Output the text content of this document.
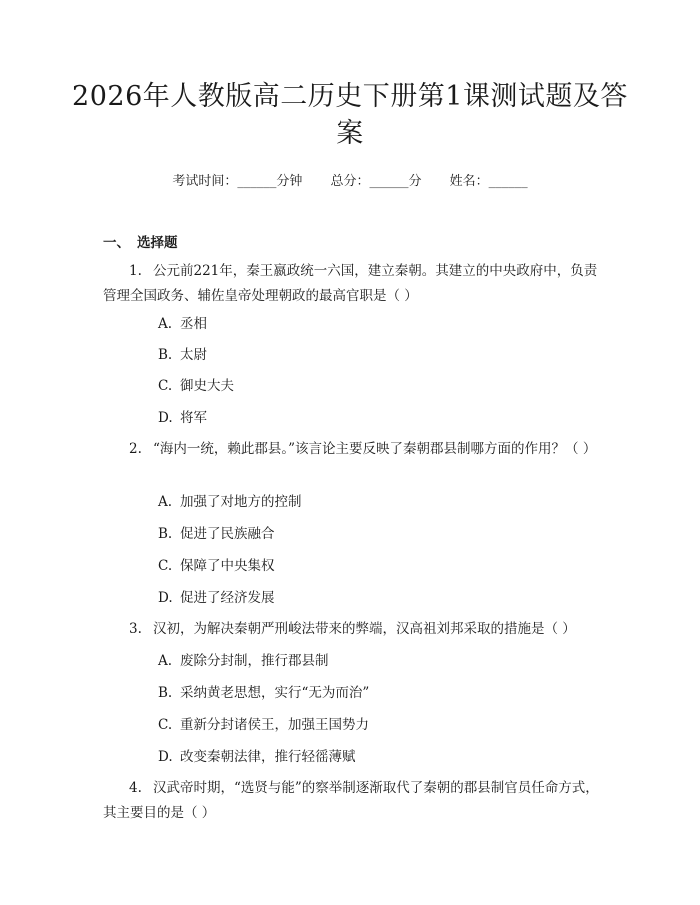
2026年人教版高二历史下册第1课测试题及答案
考试时间：______分钟 总分：______分 姓名：______
一、 选择题
1. 公元前221年，秦王嬴政统一六国，建立秦朝。其建立的中央政府中，负责管理全国政务、辅佐皇帝处理朝政的最高官职是（ ）
A. 丞相
B. 太尉
C. 御史大夫
D. 将军
2. “海内一统，赖此郡县。”该言论主要反映了秦朝郡县制哪方面的作用？（ ）
A. 加强了对地方的控制
B. 促进了民族融合
C. 保障了中央集权
D. 促进了经济发展
3. 汉初，为解决秦朝严刑峻法带来的弊端，汉高祖刘邦采取的措施是（ ）
A. 废除分封制，推行郡县制
B. 采纳黄老思想，实行“无为而治”
C. 重新分封诸侯王，加强王国势力
D. 改变秦朝法律，推行轻徭薄赋
4. 汉武帝时期，“选贤与能”的察举制逐渐取代了秦朝的郡县制官员任命方式，其主要目的是（ ）
